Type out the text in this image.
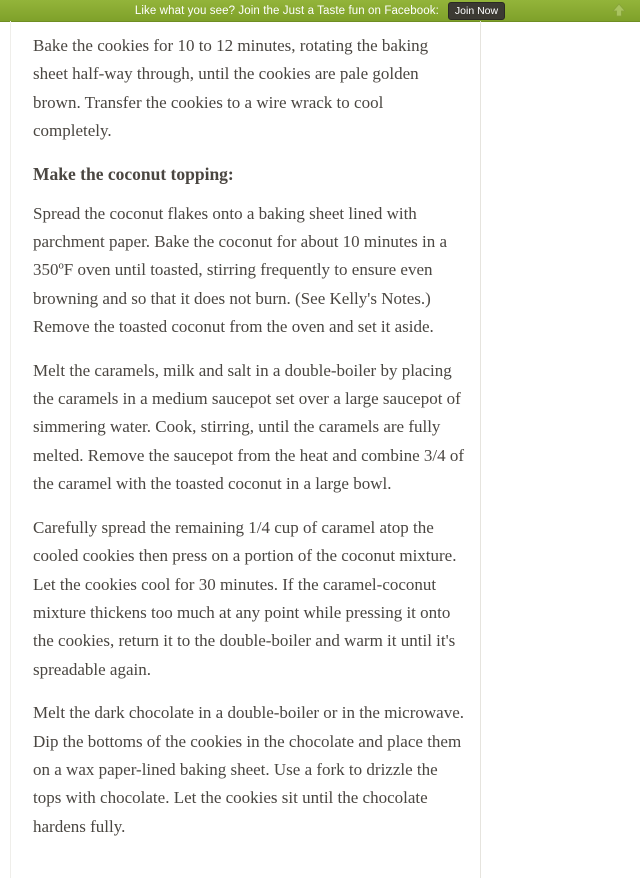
Like what you see? Join the Just a Taste fun on Facebook:	Join Now

Bake the cookies for 10 to 12 minutes, rotating the baking sheet half-way through, until the cookies are pale golden brown. Transfer the cookies to a wire wrack to cool completely.

Make the coconut topping:

Spread the coconut flakes onto a baking sheet lined with parchment paper. Bake the coconut for about 10 minutes in a 350ºF oven until toasted, stirring frequently to ensure even browning and so that it does not burn. (See Kelly's Notes.) Remove the toasted coconut from the oven and set it aside.

Melt the caramels, milk and salt in a double-boiler by placing the caramels in a medium saucepot set over a large saucepot of simmering water. Cook, stirring, until the caramels are fully melted. Remove the saucepot from the heat and combine 3/4 of the caramel with the toasted coconut in a large bowl.

Carefully spread the remaining 1/4 cup of caramel atop the cooled cookies then press on a portion of the coconut mixture. Let the cookies cool for 30 minutes. If the caramel-coconut mixture thickens too much at any point while pressing it onto the cookies, return it to the double-boiler and warm it until it's spreadable again.

Melt the dark chocolate in a double-boiler or in the microwave. Dip the bottoms of the cookies in the chocolate and place them on a wax paper-lined baking sheet. Use a fork to drizzle the tops with chocolate. Let the cookies sit until the chocolate hardens fully.
